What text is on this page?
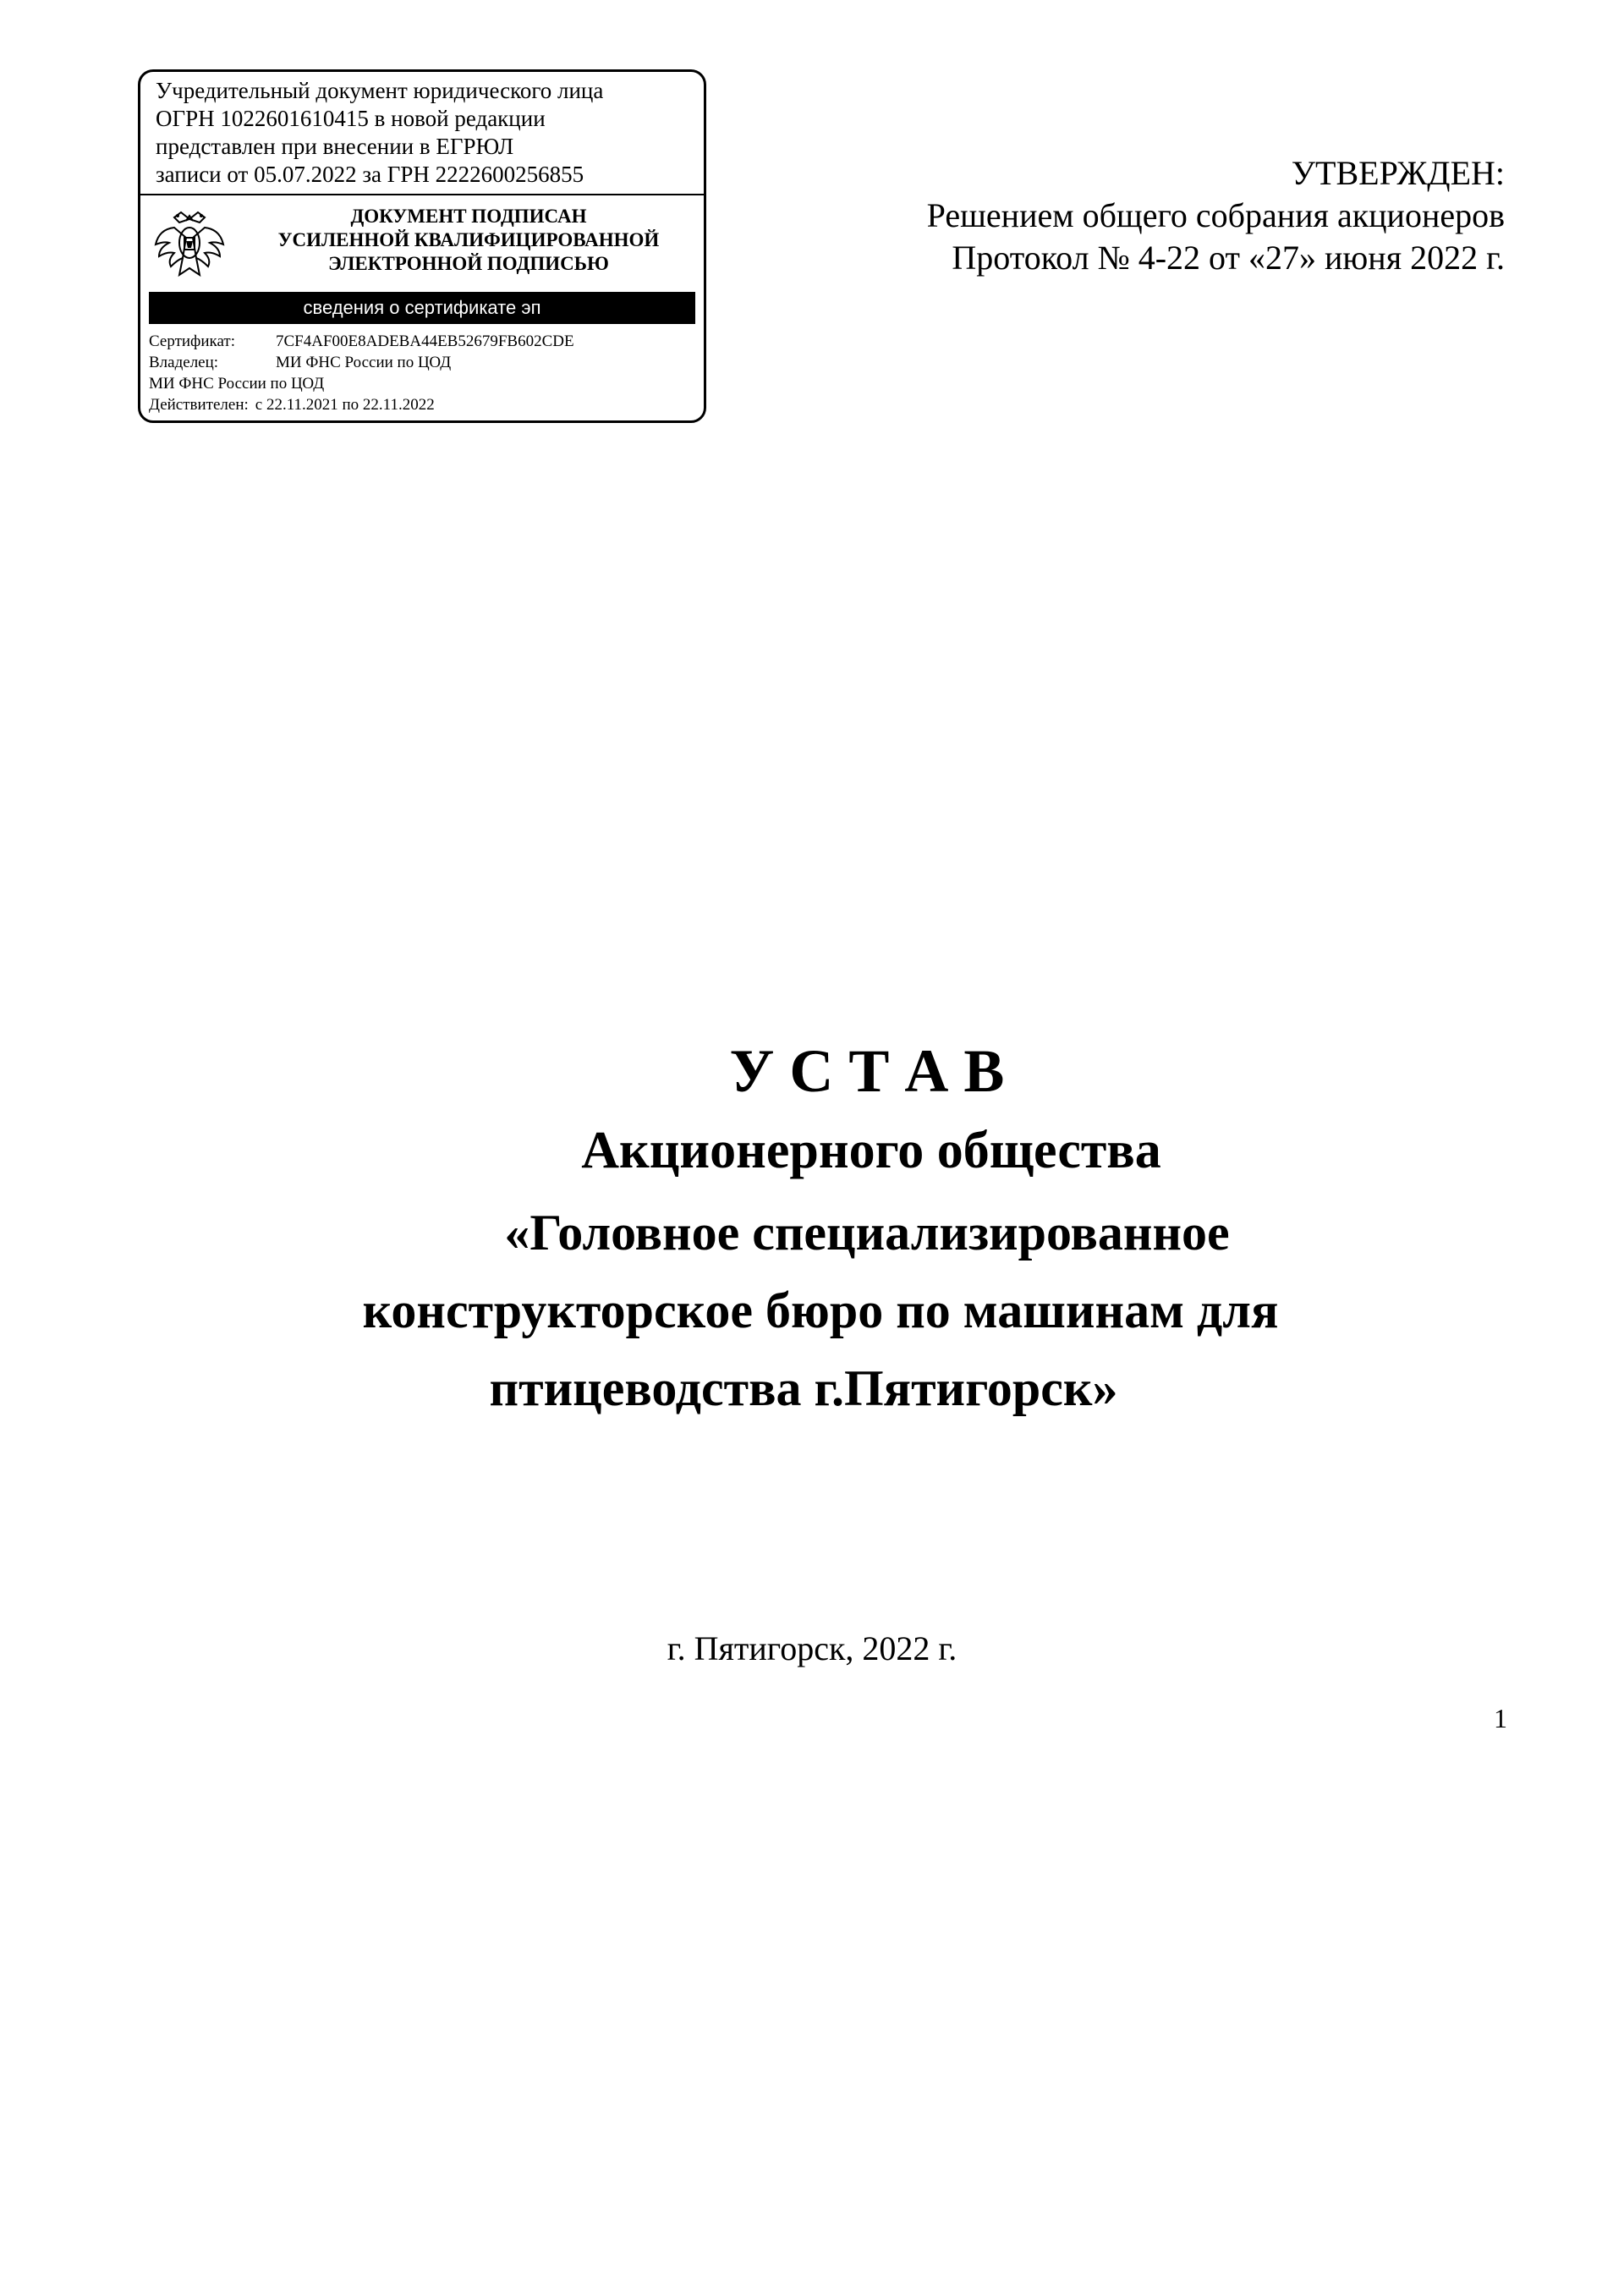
Учредительный документ юридического лица
ОГРН 1022601610415 в новой редакции
представлен при внесении в ЕГРЮЛ
записи от 05.07.2022 за ГРН 2222600256855
ДОКУМЕНТ ПОДПИСАН
УСИЛЕННОЙ КВАЛИФИЦИРОВАННОЙ
ЭЛЕКТРОННОЙ ПОДПИСЬЮ
сведения о сертификате эп
Сертификат:	7CF4AF00E8ADEBA44EB52679FB602CDE
Владелец:	МИ ФНС России по ЦОД
МИ ФНС России по ЦОД
Действителен: с 22.11.2021 по 22.11.2022
УТВЕРЖДЕН:
Решением общего собрания акционеров
Протокол № 4-22 от «27» июня 2022 г.
У С Т А В
Акционерного общества
«Головное специализированное
конструкторское бюро по машинам для
птицеводства г.Пятигорск»
г. Пятигорск, 2022 г.
1
